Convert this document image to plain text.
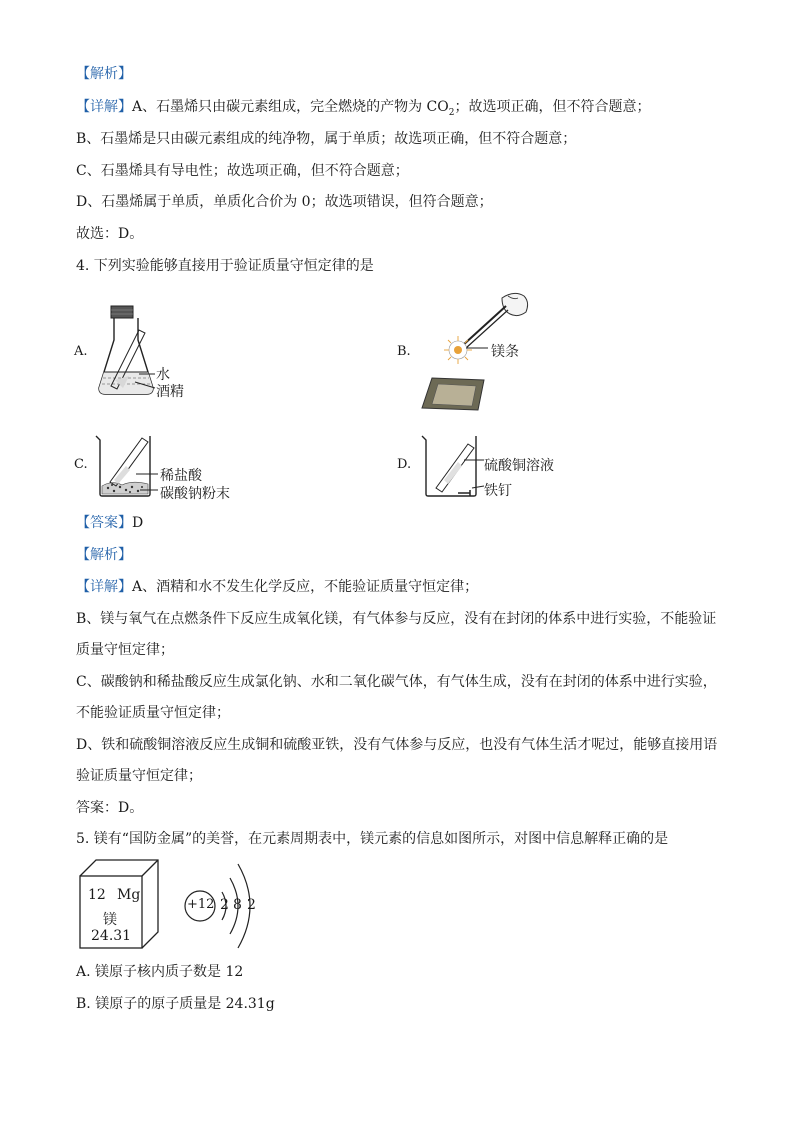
【解析】
【详解】A、石墨烯只由碳元素组成，完全燃烧的产物为 $CO_2$；故选项正确，但不符合题意；
B、石墨烯是只由碳元素组成的纯净物，属于单质；故选项正确，但不符合题意；
C、石墨烯具有导电性；故选项正确，但不符合题意；
D、石墨烯属于单质，单质化合价为 0；故选项错误，但符合题意；
故选：D。
4. 下列实验能够直接用于验证质量守恒定律的是
A.
水
酒精
B.	镁条
C.
稀盐酸
碳酸钠粉末
D.	硫酸铜溶液
铁钉
【答案】D
【解析】
【详解】A、酒精和水不发生化学反应，不能验证质量守恒定律；
B、镁与氧气在点燃条件下反应生成氧化镁，有气体参与反应，没有在封闭的体系中进行实验，不能验证
质量守恒定律；
C、碳酸钠和稀盐酸反应生成氯化钠、水和二氧化碳气体，有气体生成，没有在封闭的体系中进行实验，
不能验证质量守恒定律；
D、铁和硫酸铜溶液反应生成铜和硫酸亚铁，没有气体参与反应，也没有气体生活才呢过，能够直接用语
验证质量守恒定律；
答案：D。
5. 镁有“国防金属”的美誉，在元素周期表中，镁元素的信息如图所示，对图中信息解释正确的是
12 Mg
镁
24.31
+12 2 8 2
A. 镁原子核内质子数是 12
B. 镁原子的原子质量是 24.31g
